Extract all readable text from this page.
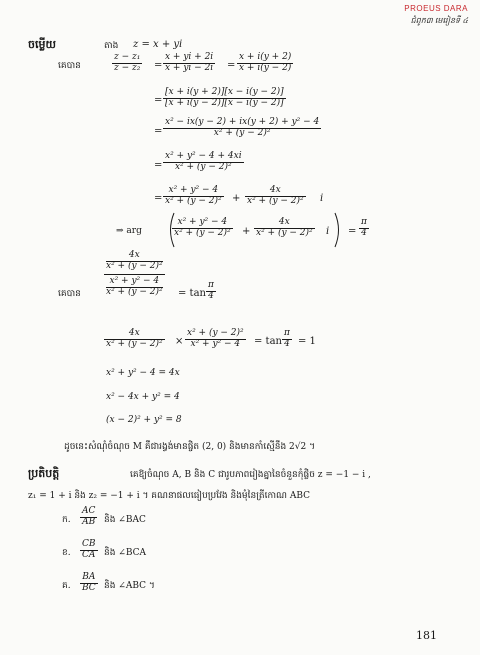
PROEUS DARA
ជំពូក៣ មេរៀនទី ៤
ចម្លើយ	តាង z = x + yi
គេបាន
z − z₁
z − z₂ =
x + yi + 2i
x + yi − 2i =
x + i(y + 2)
x + i(y − 2)
=
[x + i(y + 2)][x − i(y − 2)]
[x + i(y − 2)][x − i(y − 2)]
=
x² − ix(y − 2) + ix(y + 2) + y² − 4
x² + (y − 2)²
=
x² + y² − 4 + 4xi
x² + (y − 2)²
=
x² + y² − 4
x² + (y − 2)² +
4x
x² + (y − 2)² i
⇒ arg
x² + y² − 4
x² + (y − 2)² +
4x
x² + (y − 2)² i =
π
4
គេបាន
4x
x² + (y − 2)²
x² + y² − 4
x² + (y − 2)² = tan
π
4
4x
x² + (y − 2)² ×
x² + (y − 2)²
x² + y² − 4 = tan
π
4 = 1
x² + y² − 4 = 4x
x² − 4x + y² = 4
(x − 2)² + y² = 8
ដូចនេះសំណុំចំណុច M គឺជារង្វង់មានផ្ចិត (2, 0) និងមានកាំស្មើនឹង 2√2 ។
ប្រតិបត្តិ	គេឱ្យចំណុច A, B និង C ជារូបភាពរៀងគ្នានៃចំនួនកុំផ្លិច z = −1 − i ,
z₁ = 1 + i និង z₂ = −1 + i ។ គណនាផលធៀបប្រវែង និងមុំនៃត្រីកោណ ABC
ក.
AC
AB និង ∠BAC
ខ.
CB
CA និង ∠BCA
គ.
BA
BC និង ∠ABC ។
181
